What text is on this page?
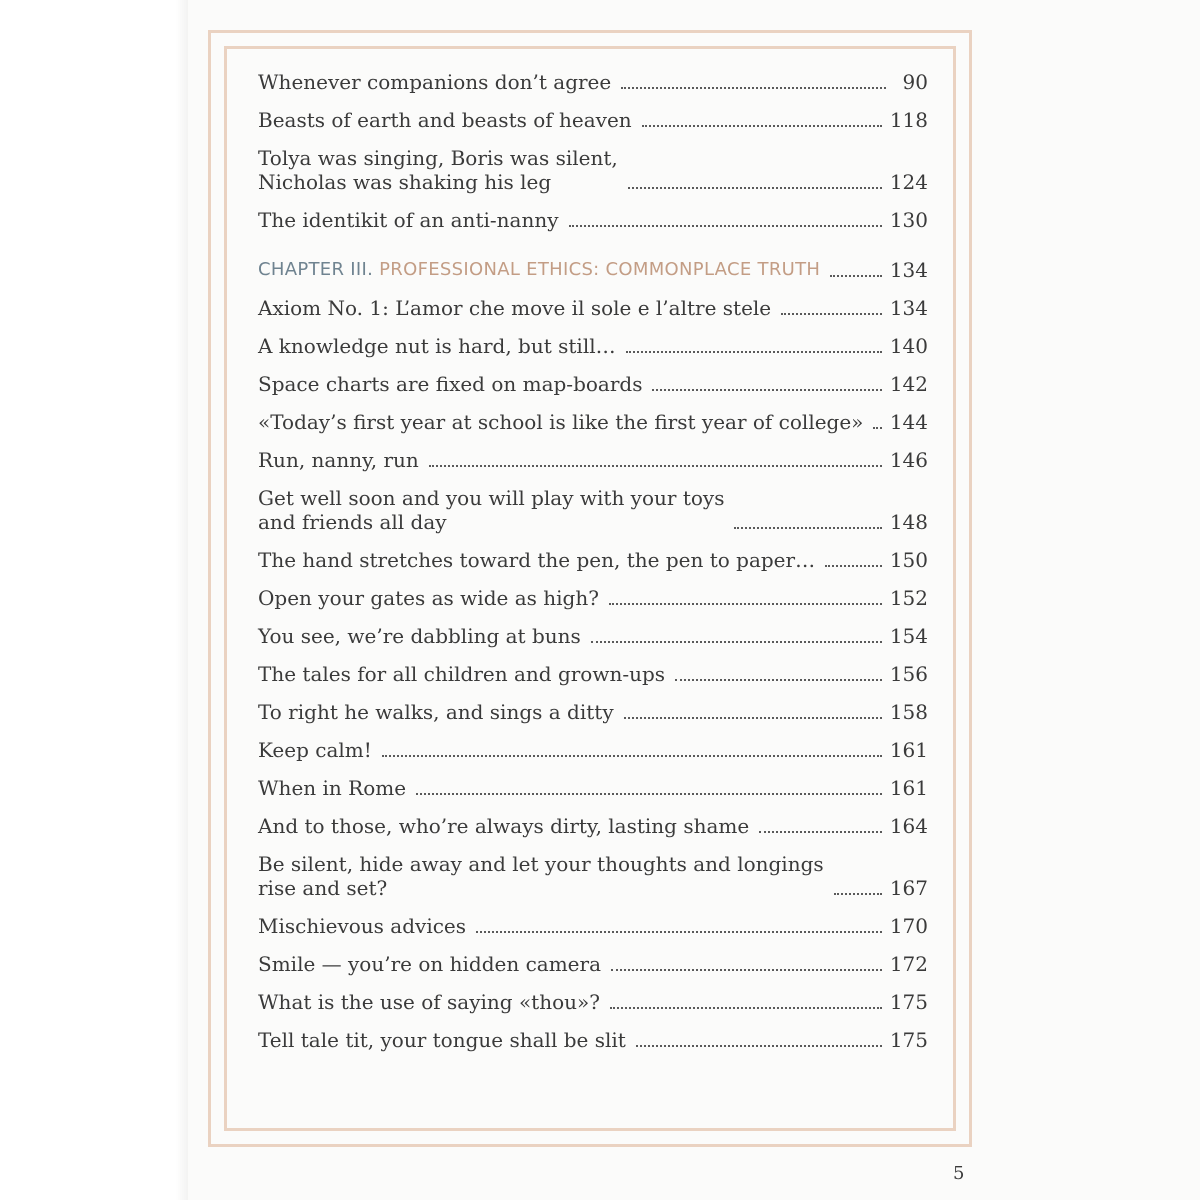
Whenever companions don’t agree	90
Beasts of earth and beasts of heaven	118
Tolya was singing, Boris was silent,
Nicholas was shaking his leg	124
The identikit of an anti-nanny	130
CHAPTER III. PROFESSIONAL ETHICS: COMMONPLACE TRUTH	134
Axiom No. 1: L’amor che move il sole e l’altre stele	134
A knowledge nut is hard, but still…	140
Space charts are fixed on map-boards	142
«Today’s first year at school is like the first year of college» 144
Run, nanny, run	146
Get well soon and you will play with your toys
and friends all day	148
The hand stretches toward the pen, the pen to paper…	150
Open your gates as wide as high?	152
You see, we’re dabbling at buns	154
The tales for all children and grown-ups	156
To right he walks, and sings a ditty	158
Keep calm!	161
When in Rome	161
And to those, who’re always dirty, lasting shame	164
Be silent, hide away and let your thoughts and longings
rise and set?	167
Mischievous advices	170
Smile — you’re on hidden camera	172
What is the use of saying «thou»?	175
Tell tale tit, your tongue shall be slit	175
5
